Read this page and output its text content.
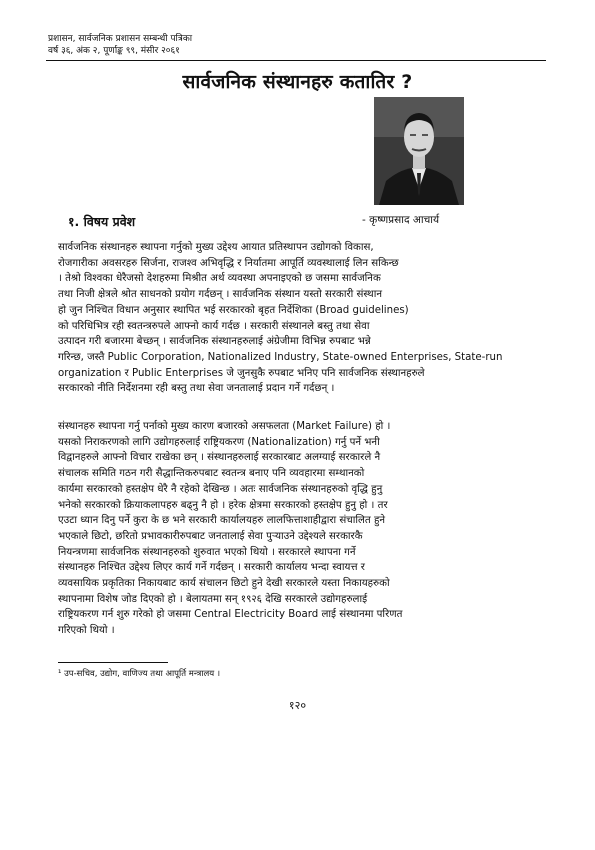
प्रशासन, सार्वजनिक प्रशासन सम्बन्धी पत्रिका
वर्ष ३६, अंक २, पूर्णाङ्क ९९, मंसीर २०६१
सार्वजनिक संस्थानहरु कतातिर ?
१. विषय प्रवेश	- कृष्णप्रसाद आचार्य

सार्वजनिक संस्थानहरु स्थापना गर्नुको मुख्य उद्देश्य आयात प्रतिस्थापन उद्योगको विकास,

रोजगारीका अवसरहरु सिर्जना, राजश्व अभिवृद्धि र निर्यातमा आपूर्ति व्यवस्थालाई लिन सकिन्छ

। तेश्रो विश्वका धेरैजसो देशहरुमा मिश्रीत अर्थ व्यवस्था अपनाइएको छ जसमा सार्वजनिक

तथा निजी क्षेत्रले श्रोत साधनको प्रयोग गर्दछन् । सार्वजनिक संस्थान यस्तो सरकारी संस्थान

हो जुन निश्चित विधान अनुसार स्थापित भई सरकारको बृहत निर्देशिका (Broad guidelines)

को परिधिभित्र रही स्वतन्त्ररुपले आफ्नो कार्य गर्दछ । सरकारी संस्थानले बस्तु तथा सेवा

उत्पादन गरी बजारमा बेच्छन् । सार्वजनिक संस्थानहरुलाई अंग्रेजीमा विभिन्न रुपबाट भन्ने

गरिन्छ, जस्तै Public Corporation, Nationalized Industry, State-owned Enterprises, State-run

organization र Public Enterprises जे जुनसुकै रुपबाट भनिए पनि सार्वजनिक संस्थानहरुले

सरकारको नीति निर्देशनमा रही बस्तु तथा सेवा जनतालाई प्रदान गर्ने गर्दछन् ।

संस्थानहरु स्थापना गर्नु पर्नाको मुख्य कारण बजारको असफलता (Market Failure) हो ।

यसको निराकरणको लागि उद्योगहरुलाई राष्ट्रियकरण (Nationalization) गर्नु पर्ने भनी

विद्वानहरुले आफ्नो विचार राखेका छन् । संस्थानहरुलाई सरकारबाट अलग्याई सरकारले नै

संचालक समिति गठन गरी सैद्धान्तिकरुपबाट स्वतन्त्र बनाए पनि व्यवहारमा सम्थानको

कार्यमा सरकारको हस्तक्षेप धेरै नै रहेको देखिन्छ । अतः सार्वजनिक संस्थानहरुको वृद्धि हुनु

भनेको सरकारको क्रियाकलापहरु बढ्नु नै हो । हरेक क्षेत्रमा सरकारको हस्तक्षेप हुनु हो । तर

एउटा ध्यान दिनु पर्ने कुरा के छ भने सरकारी कार्यालयहरु लालफित्ताशाहीद्वारा संचालित हुने

भएकाले छिटो, छरितो प्रभावकारीरुपबाट जनतालाई सेवा पुऱ्याउने उद्देश्यले सरकारकै

नियन्त्रणमा सार्वजनिक संस्थानहरुको शुरुवात भएको थियो । सरकारले स्थापना गर्ने

संस्थानहरु निश्चित उद्देश्य लिएर कार्य गर्ने गर्दछन् । सरकारी कार्यालय भन्दा स्वायत्त र

व्यवसायिक प्रकृतिका निकायबाट कार्य संचालन छिटो हुने देखी सरकारले यस्ता निकायहरुको

स्थापनामा विशेष जोड दिएको हो । बेलायतमा सन् १९२६ देखि सरकारले उद्योगहरुलाई

राष्ट्रियकरण गर्न शुरु गरेको हो जसमा Central Electricity Board लाई संस्थानमा परिणत

गरिएको थियो ।

¹ उप-सचिव, उद्योग, वाणिज्य तथा आपूर्ति मन्त्रालय ।
१२०
